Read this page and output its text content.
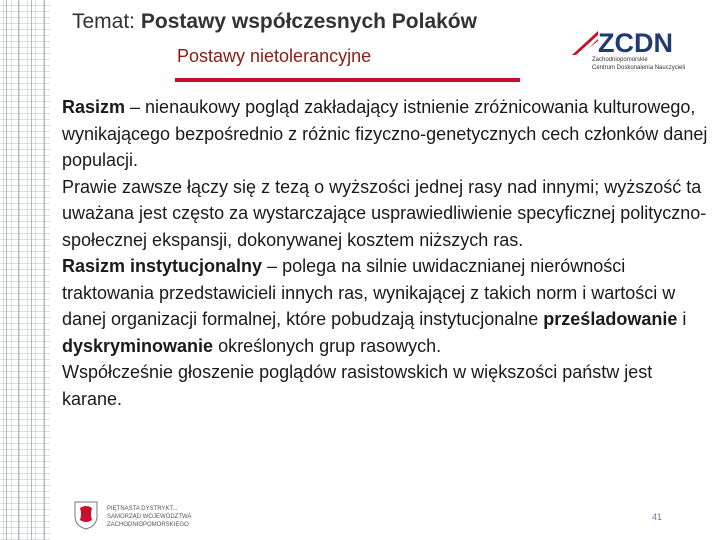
Temat: Postawy współczesnych Polaków
Postawy nietolerancyjne	ZCDN
Zachodniopomorskie
Centrum Doskonalenia Nauczycieli

Rasizm – nienaukowy pogląd zakładający istnienie zróżnicowania kulturowego, wynikającego bezpośrednio z różnic fizyczno-genetycznych cech członków danej populacji.

Prawie zawsze łączy się z tezą o wyższości jednej rasy nad innymi; wyższość ta uważana jest często za wystarczające usprawiedliwienie specyficznej polityczno-społecznej ekspansji, dokonywanej kosztem niższych ras.

Rasizm instytucjonalny – polega na silnie uwidacznianej nierówności traktowania przedstawicieli innych ras, wynikającej z takich norm i wartości w danej organizacji formalnej, które pobudzają instytucjonalne prześladowanie i dyskryminowanie określonych grup rasowych.

Współcześnie głoszenie poglądów rasistowskich w większości państw jest karane.

PIĘTNASTA DYSTRYKT...
SAMORZĄD WOJEWÓDZTWA
ZACHODNIOPOMORSKIEGO
41
